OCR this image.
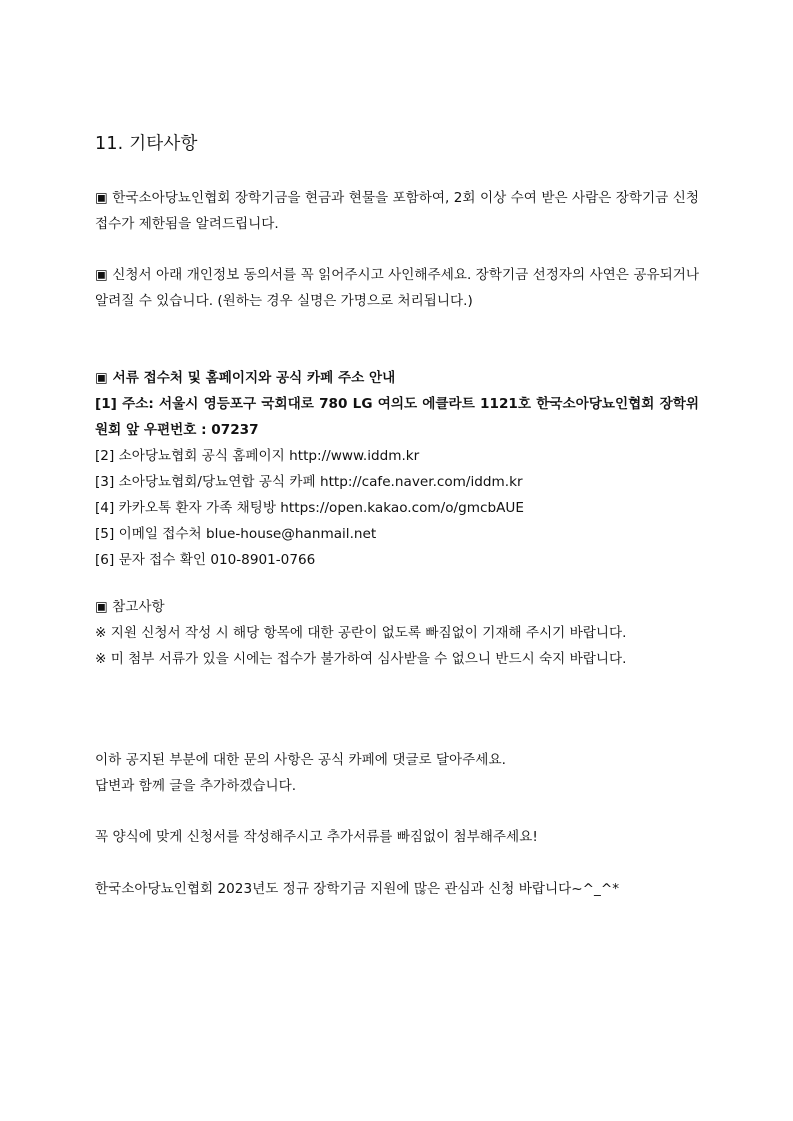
11. 기타사항

▣ 한국소아당뇨인협회 장학기금을 현금과 현물을 포함하여, 2회 이상 수여 받은 사람은 장학기금 신청접수가 제한됨을 알려드립니다.

▣ 신청서 아래 개인정보 동의서를 꼭 읽어주시고 사인해주세요. 장학기금 선정자의 사연은 공유되거나 알려질 수 있습니다. (원하는 경우 실명은 가명으로 처리됩니다.)

▣ 서류 접수처 및 홈페이지와 공식 카페 주소 안내

[1] 주소: 서울시 영등포구 국회대로 780 LG 여의도 에클라트 1121호 한국소아당뇨인협회 장학위원회 앞 우편번호 : 07237

[2] 소아당뇨협회 공식 홈페이지 http://www.iddm.kr

[3] 소아당뇨협회/당뇨연합 공식 카페 http://cafe.naver.com/iddm.kr

[4] 카카오톡 환자 가족 채팅방 https://open.kakao.com/o/gmcbAUE

[5] 이메일 접수처 blue-house@hanmail.net

[6] 문자 접수 확인 010-8901-0766

▣ 참고사항

※ 지원 신청서 작성 시 해당 항목에 대한 공란이 없도록 빠짐없이 기재해 주시기 바랍니다.

※ 미 첨부 서류가 있을 시에는 접수가 불가하여 심사받을 수 없으니 반드시 숙지 바랍니다.

이하 공지된 부분에 대한 문의 사항은 공식 카페에 댓글로 달아주세요.

답변과 함께 글을 추가하겠습니다.

꼭 양식에 맞게 신청서를 작성해주시고 추가서류를 빠짐없이 첨부해주세요!

한국소아당뇨인협회 2023년도 정규 장학기금 지원에 많은 관심과 신청 바랍니다~^_^*
